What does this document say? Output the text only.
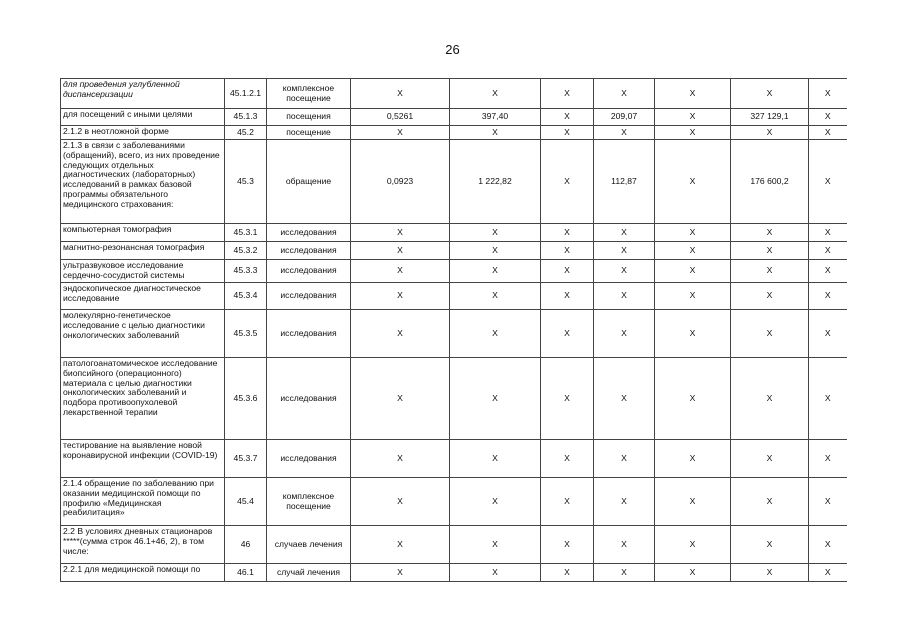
26
для проведения углубленной диспансеризации	45.1.2.1	комплексное посещение	Х	Х	Х	Х	Х	Х	Х
для посещений с иными целями	45.1.3	посещения	0,5261	397,40	Х	209,07	Х	327 129,1	Х
2.1.2 в неотложной форме	45.2	посещение	Х	Х	Х	Х	Х	Х	Х
2.1.3 в связи с заболеваниями (обращений), всего, из них проведение следующих отдельных диагностических (лабораторных) исследований в рамках базовой программы обязательного медицинского страхования:	45.3	обращение	0,0923	1 222,82	Х	112,87	Х	176 600,2	Х
компьютерная томография	45.3.1	исследования	Х	Х	Х	Х	Х	Х	Х
магнитно-резонансная томография	45.3.2	исследования	Х	Х	Х	Х	Х	Х	Х
ультразвуковое исследование сердечно-сосудистой системы	45.3.3	исследования	Х	Х	Х	Х	Х	Х	Х
эндоскопическое диагностическое исследование	45.3.4	исследования	Х	Х	Х	Х	Х	Х	Х
молекулярно-генетическое исследование с целью диагностики онкологических заболеваний	45.3.5	исследования	Х	Х	Х	Х	Х	Х	Х
патологоанатомическое исследование биопсийного (операционного) материала с целью диагностики онкологических заболеваний и подбора противоопухолевой лекарственной терапии	45.3.6	исследования	Х	Х	Х	Х	Х	Х	Х
тестирование на выявление новой коронавирусной инфекции (COVID-19)	45.3.7	исследования	Х	Х	Х	Х	Х	Х	Х
2.1.4 обращение по заболеванию при оказании медицинской помощи по профилю «Медицинская реабилитация»	45.4	комплексное посещение	Х	Х	Х	Х	Х	Х	Х
2.2 В условиях дневных стационаров *****(сумма строк 46.1+46, 2), в том числе:	46	случаев лечения	Х	Х	Х	Х	Х	Х	Х
2.2.1 для медицинской помощи по	46.1	случай лечения	Х	Х	Х	Х	Х	Х	Х
